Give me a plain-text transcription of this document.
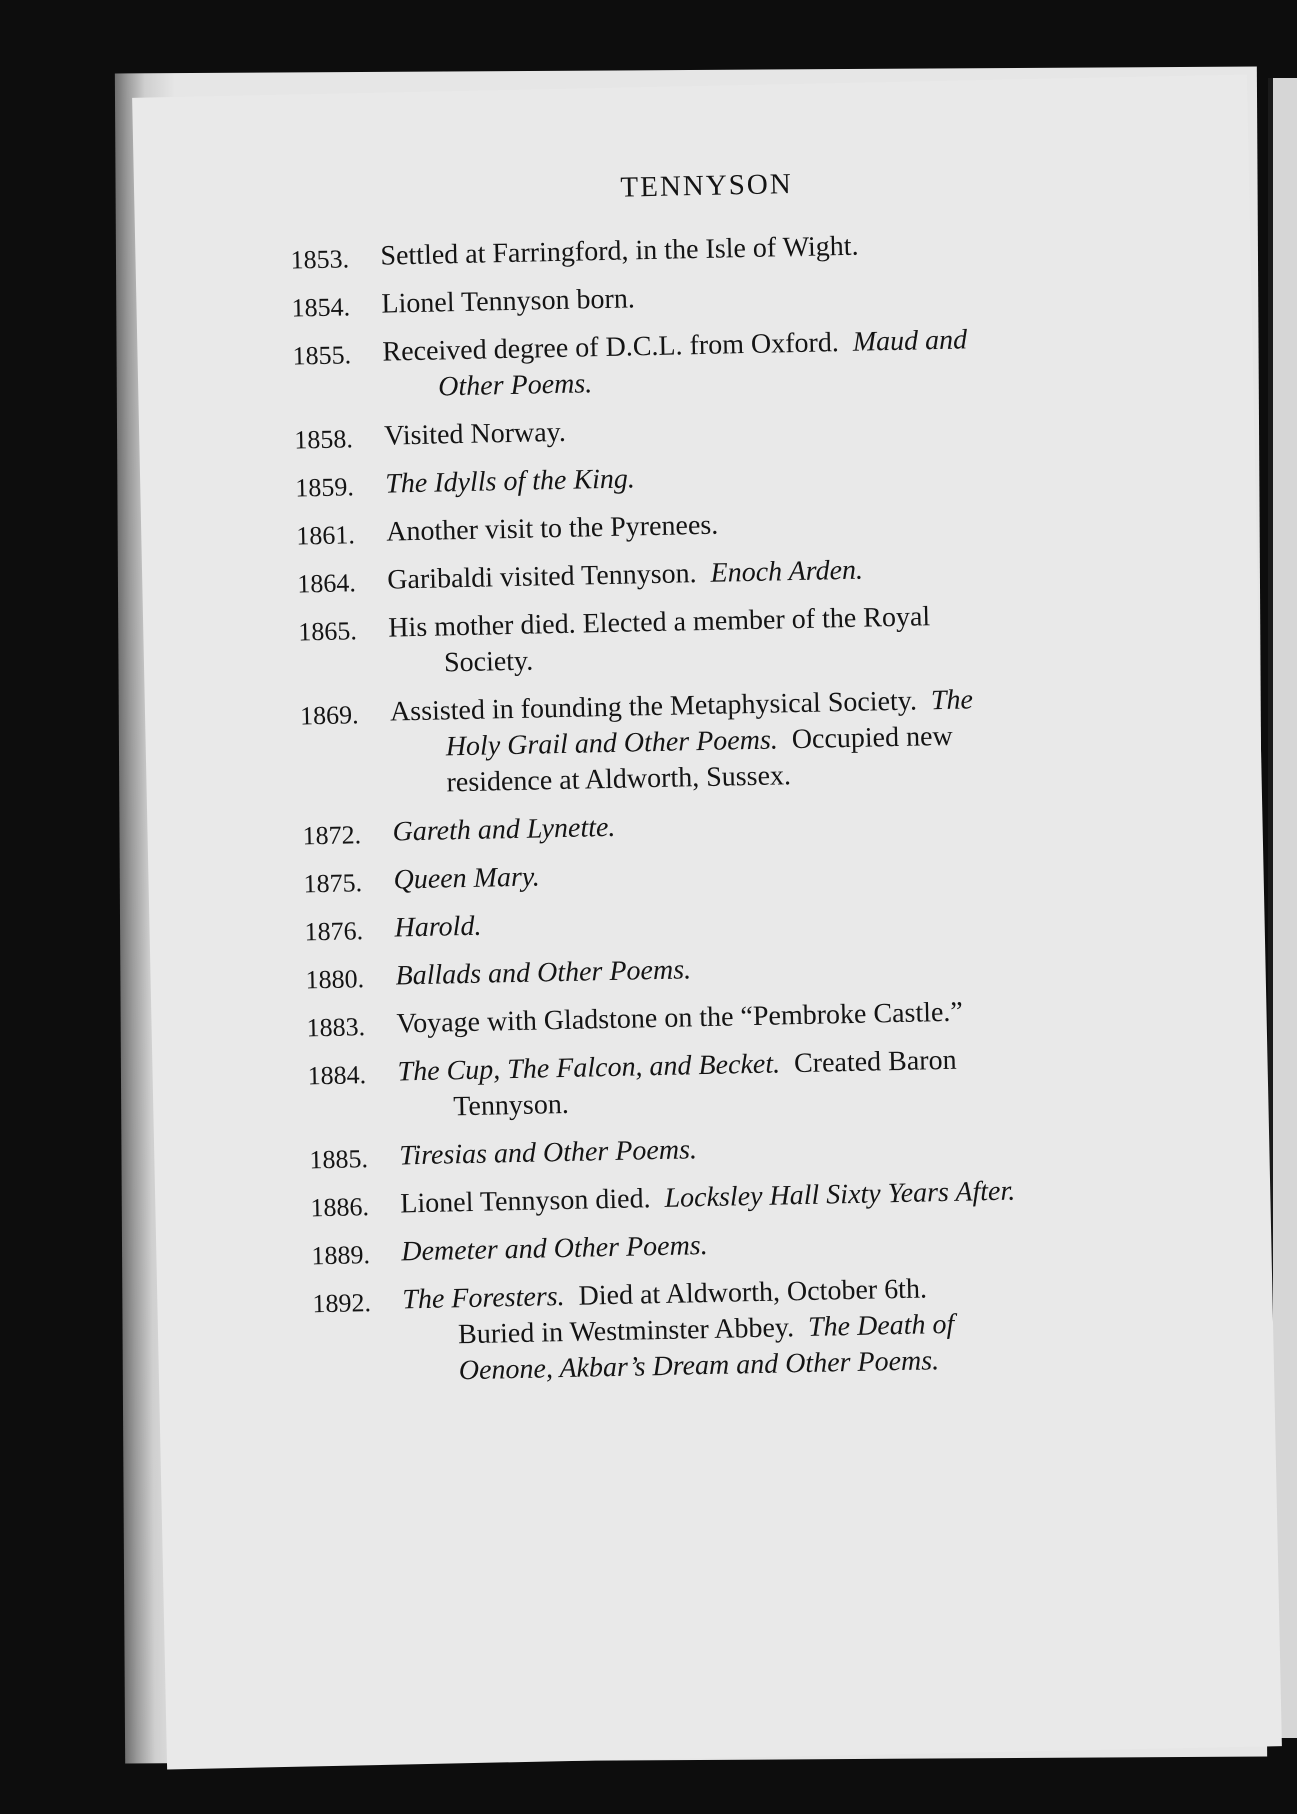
TENNYSON
1853. Settled at Farringford, in the Isle of Wight.
1854. Lionel Tennyson born.
1855. Received degree of D.C.L. from Oxford. Maud and
Other Poems.
1858. Visited Norway.
1859. The Idylls of the King.
1861. Another visit to the Pyrenees.
1864. Garibaldi visited Tennyson. Enoch Arden.
1865. His mother died. Elected a member of the Royal
Society.
1869. Assisted in founding the Metaphysical Society. The
Holy Grail and Other Poems. Occupied new
residence at Aldworth, Sussex.
1872. Gareth and Lynette.
1875. Queen Mary.
1876. Harold.
1880. Ballads and Other Poems.
1883. Voyage with Gladstone on the “Pembroke Castle.”
1884. The Cup, The Falcon, and Becket. Created Baron
Tennyson.
1885. Tiresias and Other Poems.
1886. Lionel Tennyson died. Locksley Hall Sixty Years After.
1889. Demeter and Other Poems.
1892. The Foresters. Died at Aldworth, October 6th.
Buried in Westminster Abbey. The Death of
Oenone, Akbar’s Dream and Other Poems.
